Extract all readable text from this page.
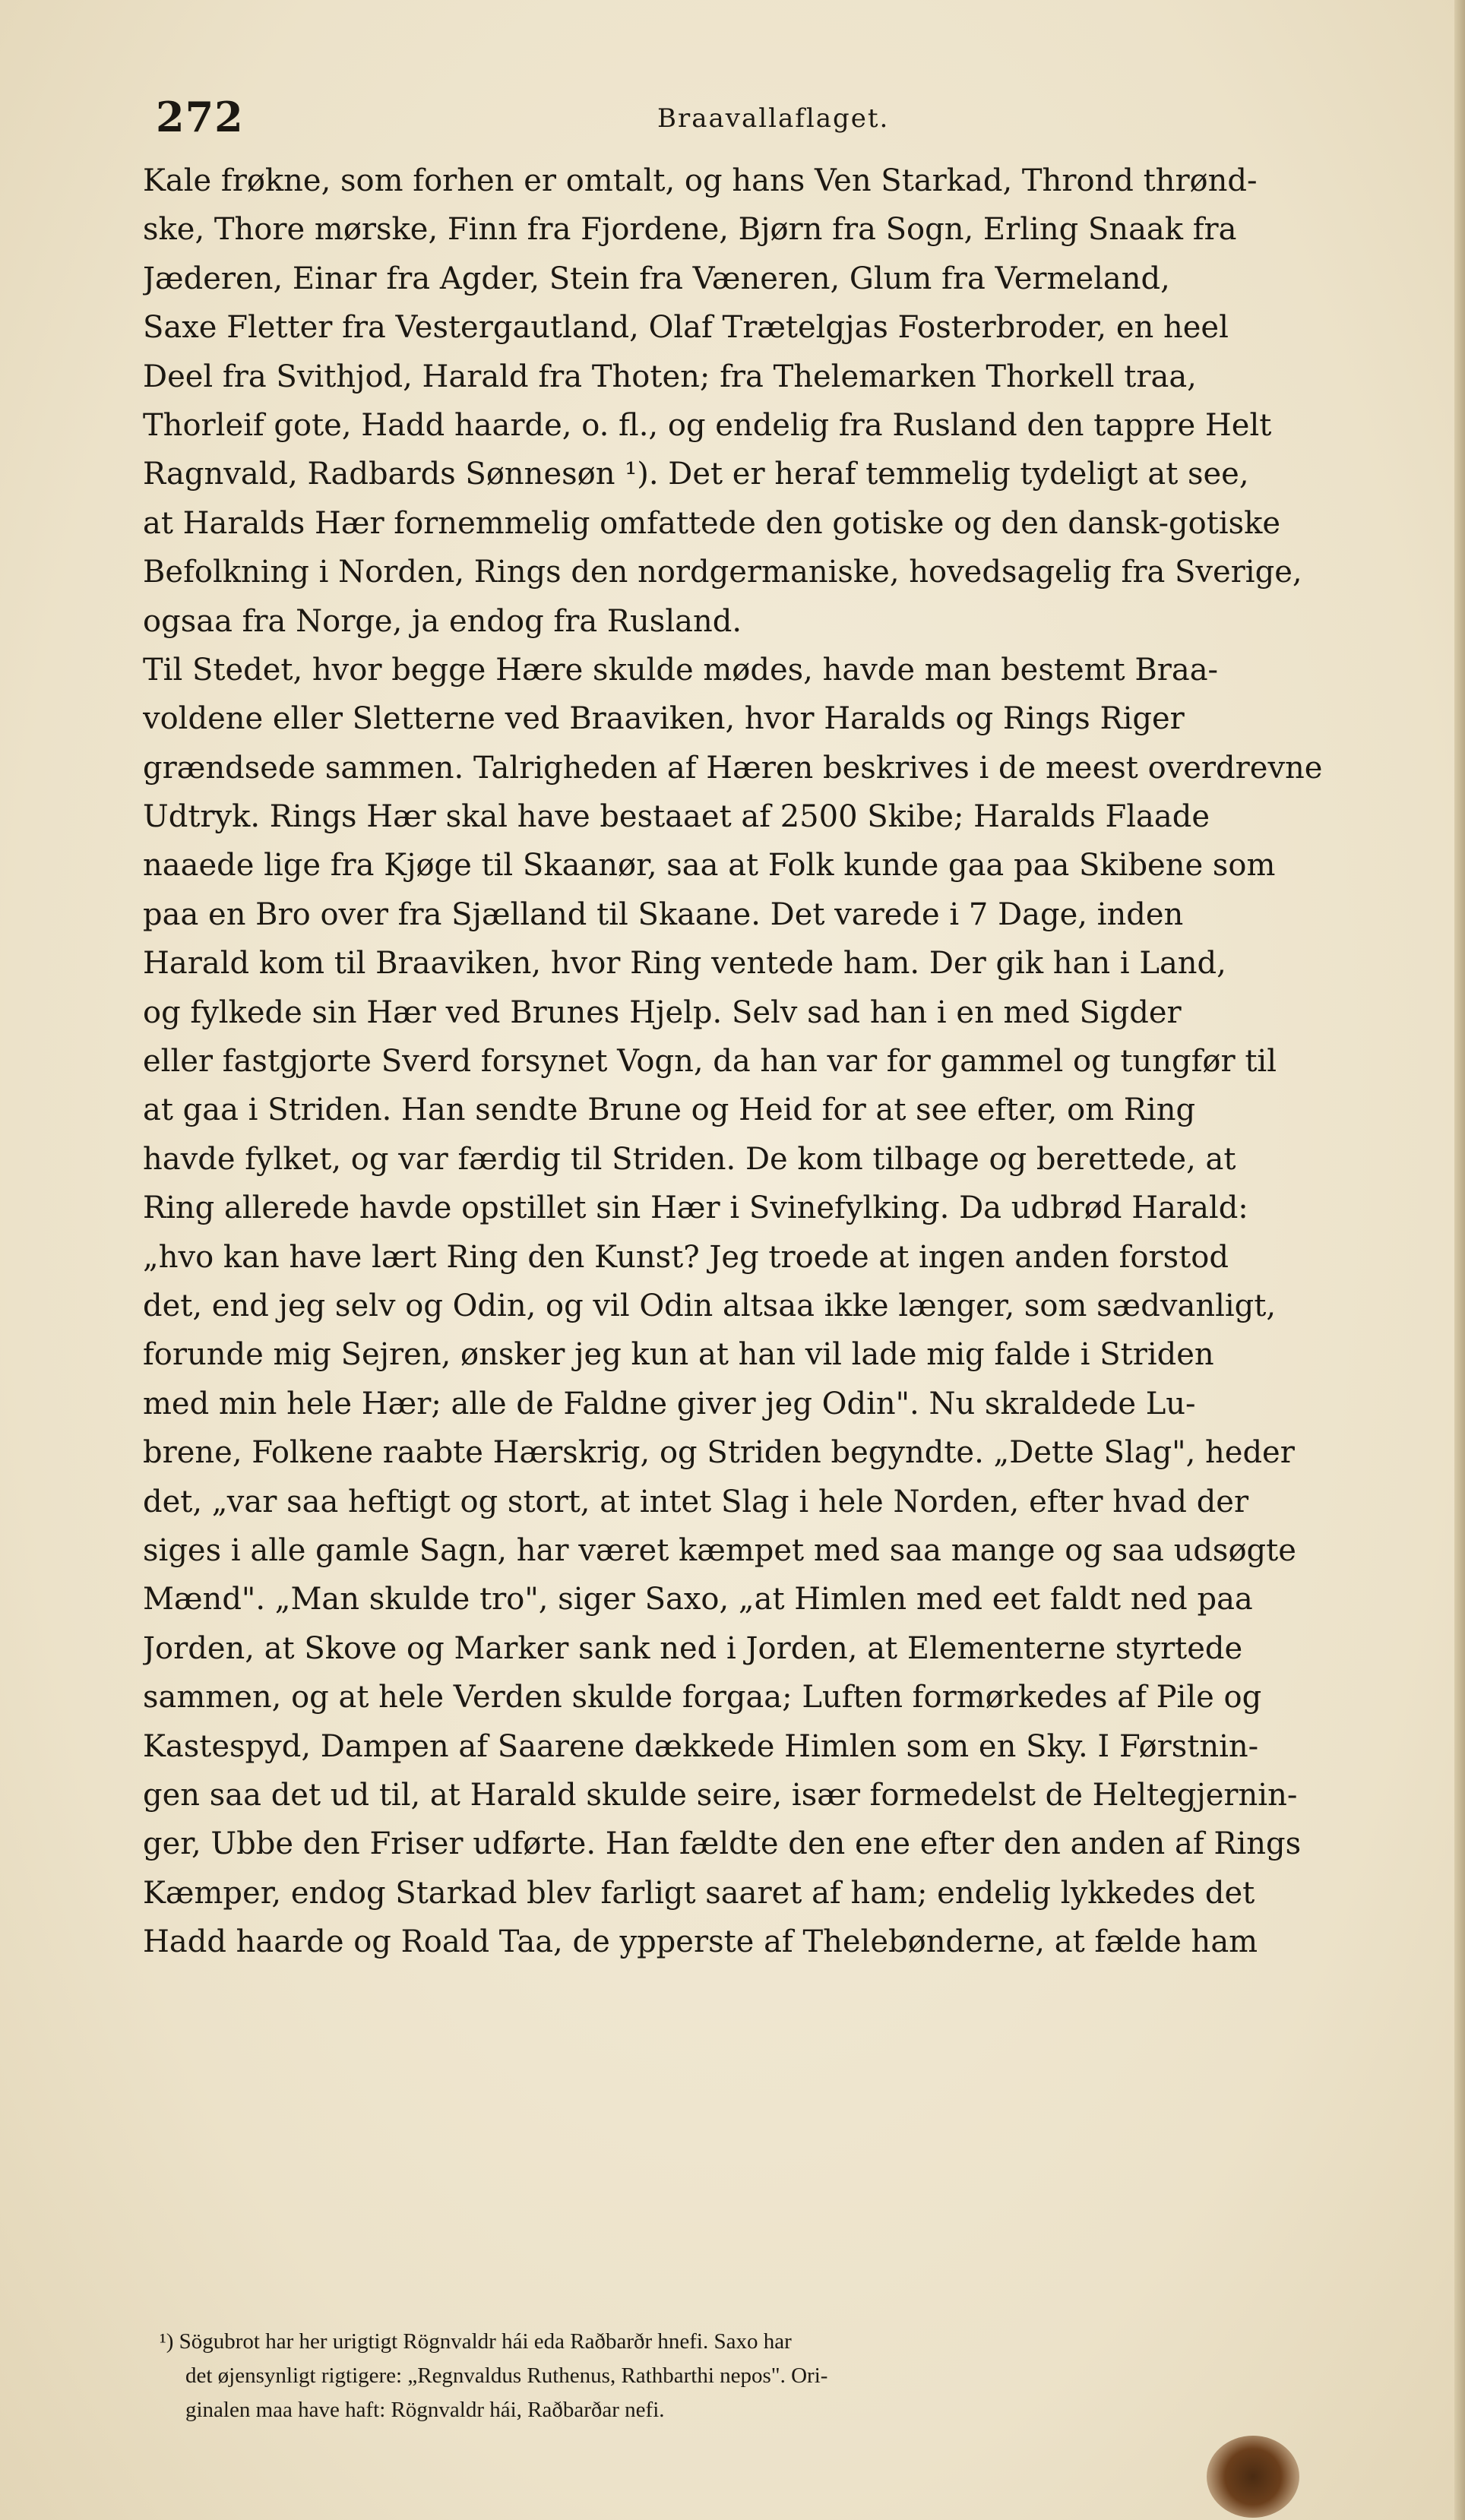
272	Braavallaflaget.
Kale frøkne, som forhen er omtalt, og hans Ven Starkad, Thrond thrønd-
ske, Thore mørske, Finn fra Fjordene, Bjørn fra Sogn, Erling Snaak fra
Jæderen, Einar fra Agder, Stein fra Væneren, Glum fra Vermeland,
Saxe Fletter fra Vestergautland, Olaf Trætelgjas Fosterbroder, en heel
Deel fra Svithjod, Harald fra Thoten; fra Thelemarken Thorkell traa,
Thorleif gote, Hadd haarde, o. fl., og endelig fra Rusland den tappre Helt
Ragnvald, Radbards Sønnesøn ¹). Det er heraf temmelig tydeligt at see,
at Haralds Hær fornemmelig omfattede den gotiske og den dansk-gotiske
Befolkning i Norden, Rings den nordgermaniske, hovedsagelig fra Sverige,
ogsaa fra Norge, ja endog fra Rusland.
Til Stedet, hvor begge Hære skulde mødes, havde man bestemt Braa-
voldene eller Sletterne ved Braaviken, hvor Haralds og Rings Riger
grændsede sammen. Talrigheden af Hæren beskrives i de meest overdrevne
Udtryk. Rings Hær skal have bestaaet af 2500 Skibe; Haralds Flaade
naaede lige fra Kjøge til Skaanør, saa at Folk kunde gaa paa Skibene som
paa en Bro over fra Sjælland til Skaane. Det varede i 7 Dage, inden
Harald kom til Braaviken, hvor Ring ventede ham. Der gik han i Land,
og fylkede sin Hær ved Brunes Hjelp. Selv sad han i en med Sigder
eller fastgjorte Sverd forsynet Vogn, da han var for gammel og tungfør til
at gaa i Striden. Han sendte Brune og Heid for at see efter, om Ring
havde fylket, og var færdig til Striden. De kom tilbage og berettede, at
Ring allerede havde opstillet sin Hær i Svinefylking. Da udbrød Harald:
„hvo kan have lært Ring den Kunst? Jeg troede at ingen anden forstod
det, end jeg selv og Odin, og vil Odin altsaa ikke længer, som sædvanligt,
forunde mig Sejren, ønsker jeg kun at han vil lade mig falde i Striden
med min hele Hær; alle de Faldne giver jeg Odin". Nu skraldede Lu-
brene, Folkene raabte Hærskrig, og Striden begyndte. „Dette Slag", heder
det, „var saa heftigt og stort, at intet Slag i hele Norden, efter hvad der
siges i alle gamle Sagn, har været kæmpet med saa mange og saa udsøgte
Mænd". „Man skulde tro", siger Saxo, „at Himlen med eet faldt ned paa
Jorden, at Skove og Marker sank ned i Jorden, at Elementerne styrtede
sammen, og at hele Verden skulde forgaa; Luften formørkedes af Pile og
Kastespyd, Dampen af Saarene dækkede Himlen som en Sky. I Førstnin-
gen saa det ud til, at Harald skulde seire, især formedelst de Heltegjernin-
ger, Ubbe den Friser udførte. Han fældte den ene efter den anden af Rings
Kæmper, endog Starkad blev farligt saaret af ham; endelig lykkedes det
Hadd haarde og Roald Taa, de ypperste af Thelebønderne, at fælde ham
¹) Sögubrot har her urigtigt Rögnvaldr hái eda Raðbarðr hnefi. Saxo har
det øjensynligt rigtigere: „Regnvaldus Ruthenus, Rathbarthi nepos". Ori-
ginalen maa have haft: Rögnvaldr hái, Raðbarðar nefi.
